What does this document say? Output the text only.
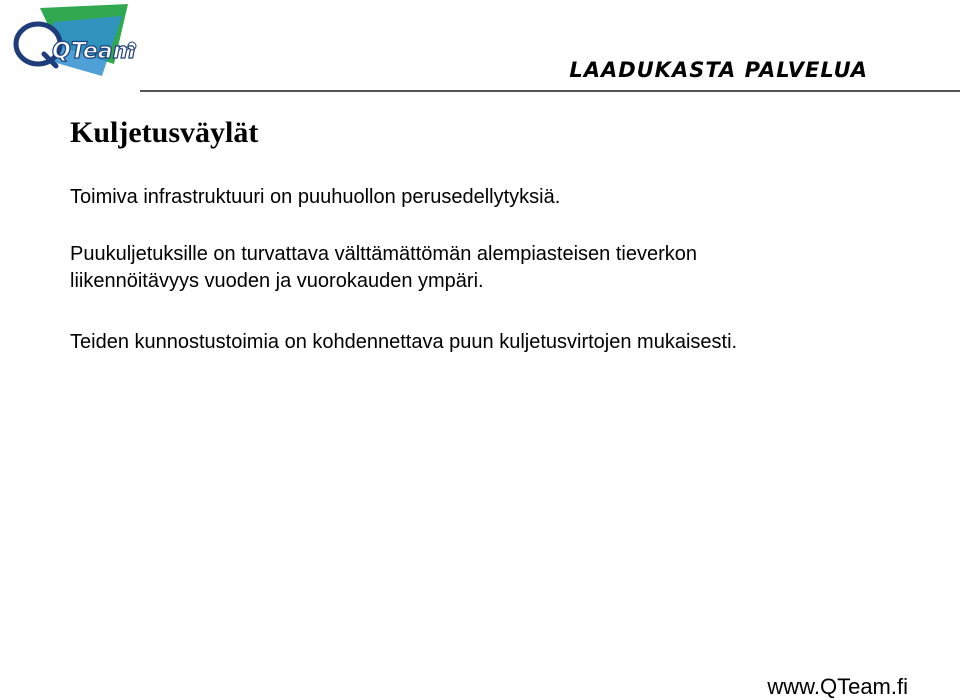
QTeam
LAADUKASTA PALVELUA
Kuljetusväylät

Toimiva infrastruktuuri on puuhuollon perusedellytyksiä.

Puukuljetuksille on turvattava välttämättömän alempiasteisen tieverkon
liikennöitävyys vuoden ja vuorokauden ympäri.

Teiden kunnostustoimia on kohdennettava puun kuljetusvirtojen mukaisesti.

www.QTeam.fi
